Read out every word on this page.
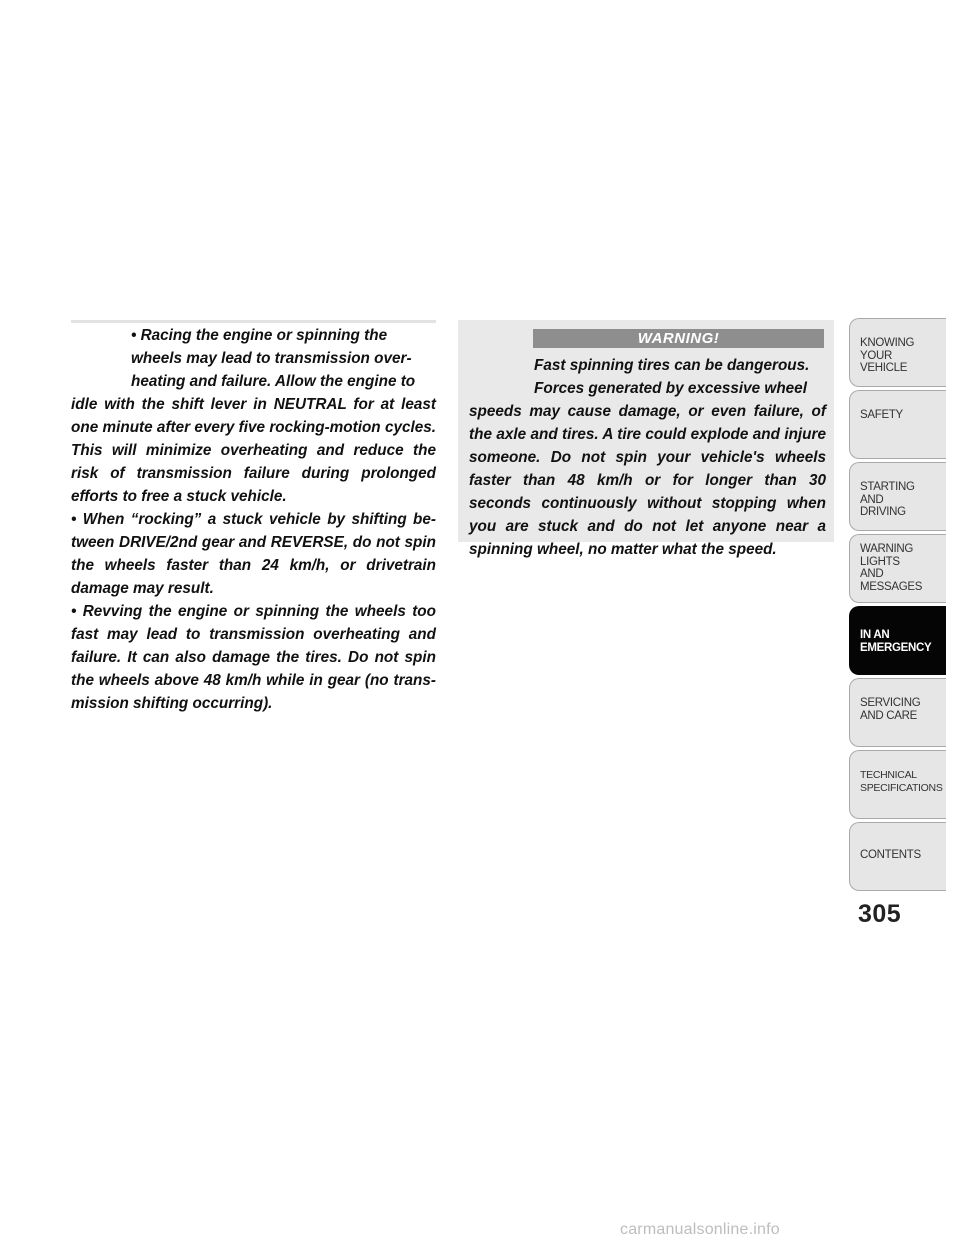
• Racing the engine or spinning the

wheels may lead to transmission over-

heating and failure. Allow the engine to

idle with the shift lever in NEUTRAL for at least one minute after every five rocking-motion cycles. This will minimize overheating and reduce the risk of transmission failure during prolonged efforts to free a stuck vehicle.

• When “rocking” a stuck vehicle by shifting be- tween DRIVE/2nd gear and REVERSE, do not spin the wheels faster than 24 km/h, or drivetrain damage may result.

• Revving the engine or spinning the wheels too fast may lead to transmission overheating and failure. It can also damage the tires. Do not spin the wheels above 48 km/h while in gear (no trans- mission shifting occurring).

WARNING!

Fast spinning tires can be dangerous.

Forces generated by excessive wheel

speeds may cause damage, or even failure, of the axle and tires. A tire could explode and injure someone. Do not spin your vehicle's wheels faster than 48 km/h or for longer than 30 seconds continuously without stopping when you are stuck and do not let anyone near a spinning wheel, no matter what the speed.

KNOWING
YOUR
VEHICLE
SAFETY
STARTING
AND
DRIVING
WARNING
LIGHTS
AND
MESSAGES
IN AN
EMERGENCY
SERVICING
AND CARE
TECHNICAL
SPECIFICATIONS
CONTENTS
305
carmanualsonline.info
